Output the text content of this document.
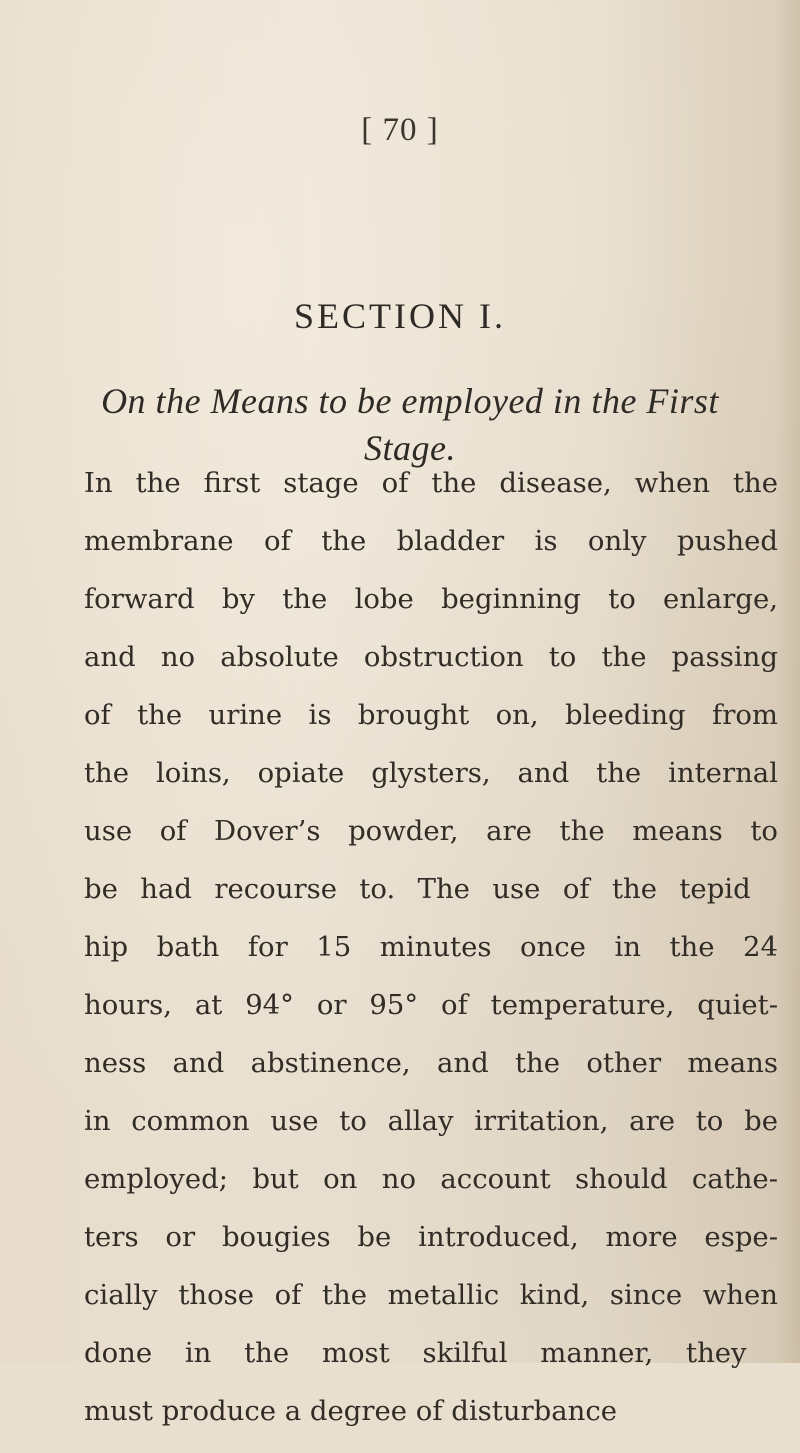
[ 70 ]
SECTION I.
On the Means to be employed in the First
Stage.
In the first stage of the disease, when the
membrane of the bladder is only pushed
forward by the lobe beginning to enlarge,
and no absolute obstruction to the passing
of the urine is brought on, bleeding from
the loins, opiate glysters, and the internal
use of Dover’s powder, are the means to
be had recourse to. The use of the tepid
hip bath for 15 minutes once in the 24
hours, at 94° or 95° of temperature, quiet-
ness and abstinence, and the other means
in common use to allay irritation, are to be
employed; but on no account should cathe-
ters or bougies be introduced, more espe-
cially those of the metallic kind, since when
done in the most skilful manner, they
must produce a degree of disturbance
